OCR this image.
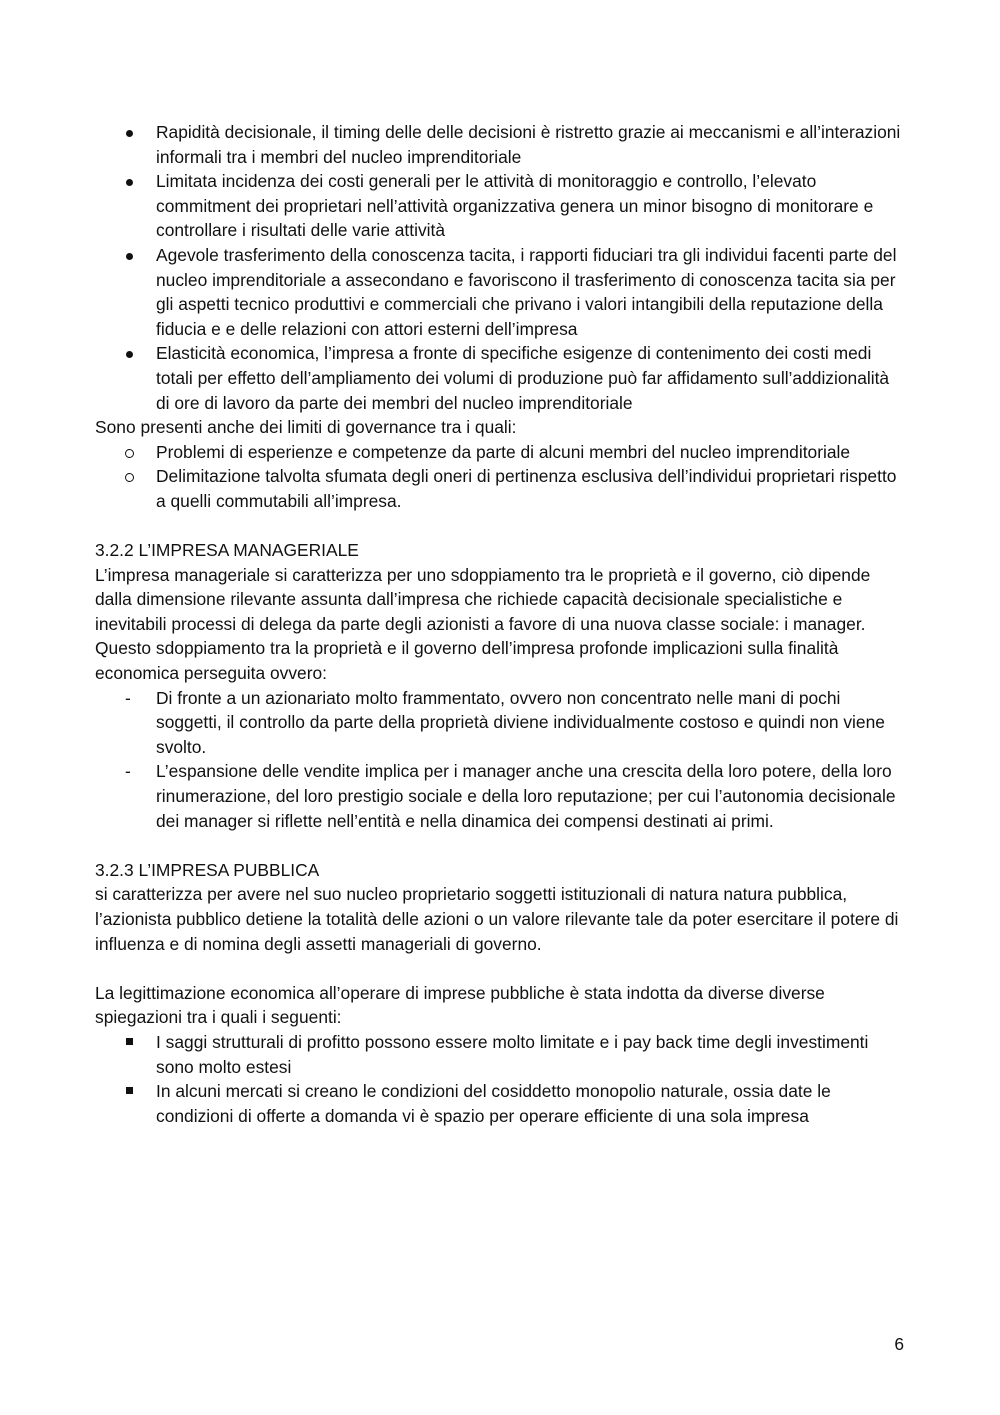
Rapidità decisionale, il timing delle delle decisioni è ristretto grazie ai meccanismi e all’interazioni informali tra i membri del nucleo imprenditoriale
Limitata incidenza dei costi generali per le attività di monitoraggio e controllo, l’elevato commitment dei proprietari nell’attività organizzativa genera un minor bisogno di monitorare e controllare i risultati delle varie attività
Agevole trasferimento della conoscenza tacita, i rapporti fiduciari tra gli individui facenti parte del nucleo imprenditoriale a assecondano e favoriscono il trasferimento di conoscenza tacita sia per gli aspetti tecnico produttivi e commerciali che privano i valori intangibili della reputazione della fiducia e e delle relazioni con attori esterni dell’impresa
Elasticità economica, l’impresa a fronte di specifiche esigenze di contenimento dei costi medi totali per effetto dell’ampliamento dei volumi di produzione può far affidamento sull’addizionalità di ore di lavoro da parte dei membri del nucleo imprenditoriale

Sono presenti anche dei limiti di governance tra i quali:

Problemi di esperienze e competenze da parte di alcuni membri del nucleo imprenditoriale
Delimitazione talvolta sfumata degli oneri di pertinenza esclusiva dell’individui proprietari rispetto a quelli commutabili all’impresa.

3.2.2 L’IMPRESA MANAGERIALE

L’impresa manageriale si caratterizza per uno sdoppiamento tra le proprietà e il governo, ciò dipende dalla dimensione rilevante assunta dall’impresa che richiede capacità decisionale specialistiche e inevitabili processi di delega da parte degli azionisti a favore di una nuova classe sociale: i manager.

Questo sdoppiamento tra la proprietà e il governo dell’impresa profonde implicazioni sulla finalità economica perseguita ovvero:

- Di fronte a un azionariato molto frammentato, ovvero non concentrato nelle mani di pochi soggetti, il controllo da parte della proprietà diviene individualmente costoso e quindi non viene svolto.
- L’espansione delle vendite implica per i manager anche una crescita della loro potere, della loro rinumerazione, del loro prestigio sociale e della loro reputazione; per cui l’autonomia decisionale dei manager si riflette nell’entità e nella dinamica dei compensi destinati ai primi.

3.2.3 L’IMPRESA PUBBLICA

si caratterizza per avere nel suo nucleo proprietario soggetti istituzionali di natura natura pubblica, l’azionista pubblico detiene la totalità delle azioni o un valore rilevante tale da poter esercitare il potere di influenza e di nomina degli assetti manageriali di governo.

La legittimazione economica all’operare di imprese pubbliche è stata indotta da diverse diverse spiegazioni tra i quali i seguenti:

I saggi strutturali di profitto possono essere molto limitate e i pay back time degli investimenti sono molto estesi
In alcuni mercati si creano le condizioni del cosiddetto monopolio naturale, ossia date le condizioni di offerte a domanda vi è spazio per operare efficiente di una sola impresa
6
